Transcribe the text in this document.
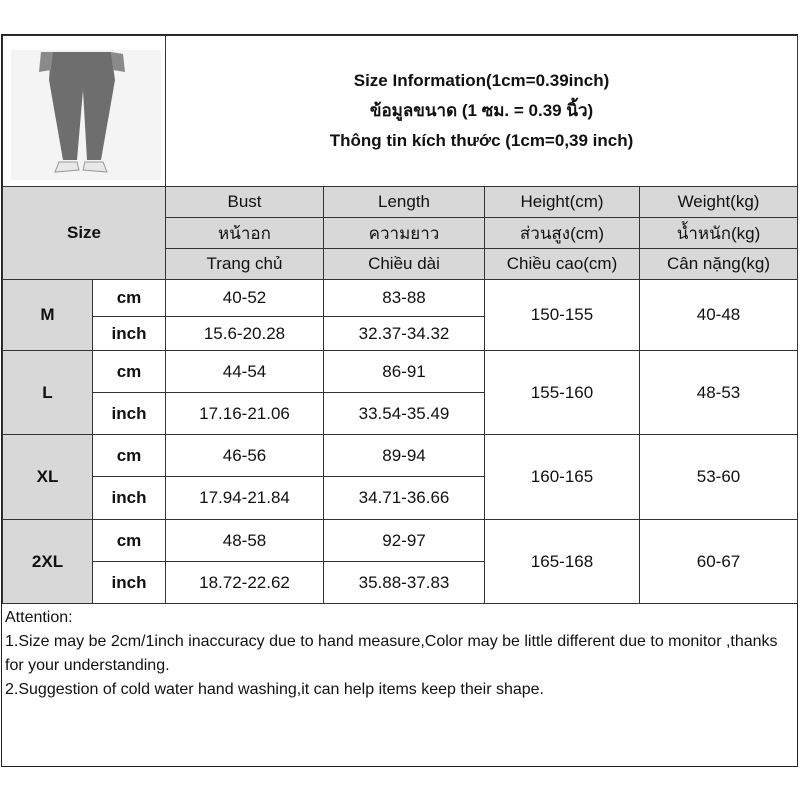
Size Information(1cm=0.39inch)
ข้อมูลขนาด (1 ซม. = 0.39 นิ้ว)
Thông tin kích thước (1cm=0,39 inch)			

Size		Bust	Length	Height(cm)	Weight(kg)
		หน้าอก	ความยาว	ส่วนสูง(cm)	น้ำหนัก(kg)
		Trang chủ	Chiều dài	Chiều cao(cm)	Cân nặng(kg)
M	cm	40-52	83-88	150-155	40-48
	inch	15.6-20.28	32.37-34.32		
L	cm	44-54	86-91	155-160	48-53
	inch	17.16-21.06	33.54-35.49		
XL	cm	46-56	89-94	160-165	53-60
	inch	17.94-21.84	34.71-36.66		
2XL	cm	48-58	92-97	165-168	60-67
	inch	18.72-22.62	35.88-37.83		
Attention:
1.Size may be 2cm/1inch inaccuracy due to hand measure,Color may be little different due to monitor ,thanks for your understanding.
2.Suggestion of cold water hand washing,it can help items keep their shape.
